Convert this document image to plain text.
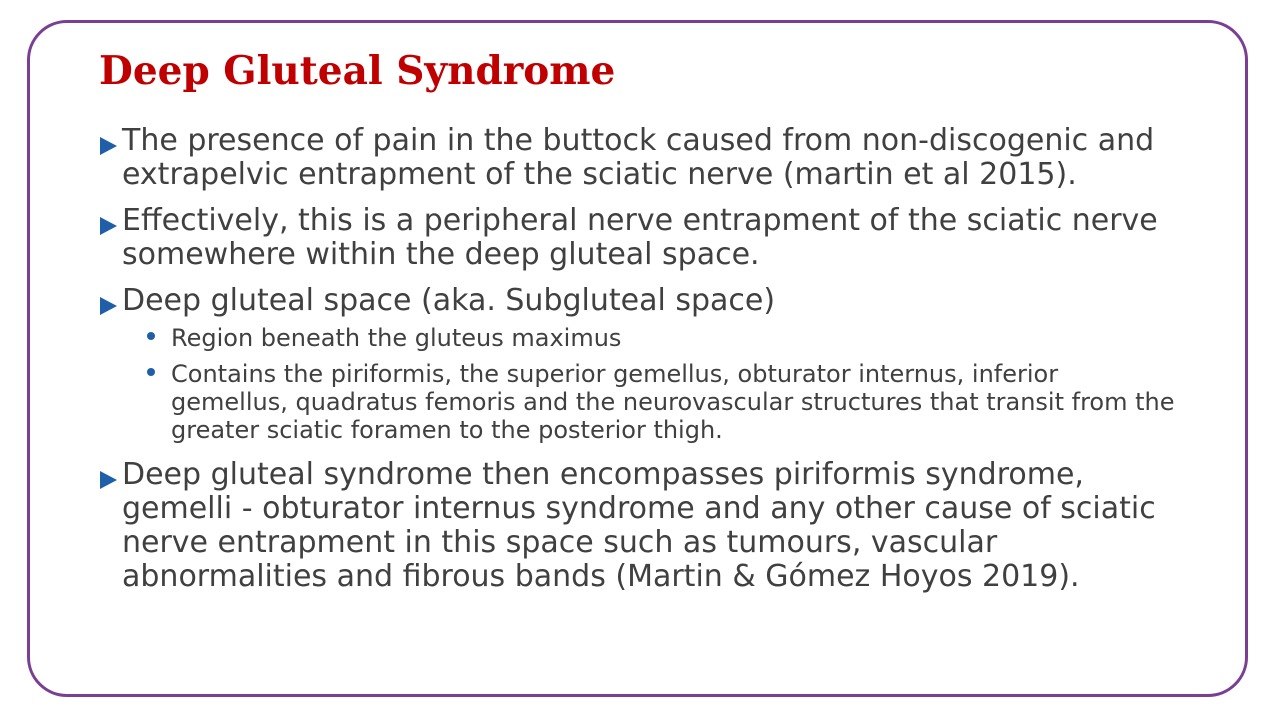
Deep Gluteal Syndrome
The presence of pain in the buttock caused from non-discogenic and extrapelvic entrapment of the sciatic nerve (martin et al 2015).
Effectively, this is a peripheral nerve entrapment of the sciatic nerve somewhere within the deep gluteal space.
Deep gluteal space (aka. Subgluteal space)
Region beneath the gluteus maximus
Contains the piriformis, the superior gemellus, obturator internus, inferior gemellus, quadratus femoris and the neurovascular structures that transit from the greater sciatic foramen to the posterior thigh.
Deep gluteal syndrome then encompasses piriformis syndrome, gemelli - obturator internus syndrome and any other cause of sciatic nerve entrapment in this space such as tumours, vascular abnormalities and fibrous bands (Martin & Gómez Hoyos 2019).
